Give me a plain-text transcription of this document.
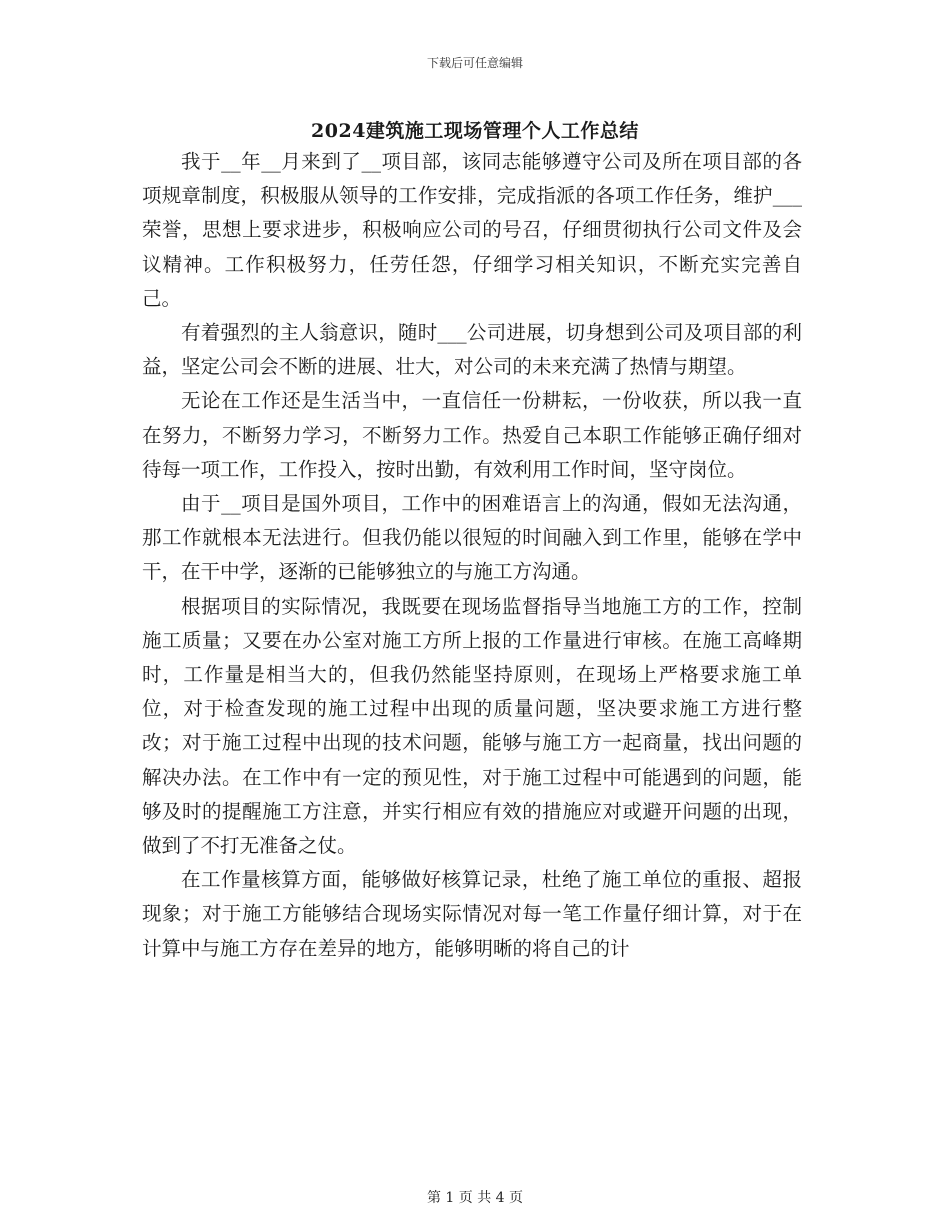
下载后可任意编辑
2024建筑施工现场管理个人工作总结

我于__年__月来到了__项目部，该同志能够遵守公司及所在项目部的各项规章制度，积极服从领导的工作安排，完成指派的各项工作任务，维护___荣誉，思想上要求进步，积极响应公司的号召，仔细贯彻执行公司文件及会议精神。工作积极努力，任劳任怨，仔细学习相关知识，不断充实完善自己。

有着强烈的主人翁意识，随时___公司进展，切身想到公司及项目部的利益，坚定公司会不断的进展、壮大，对公司的未来充满了热情与期望。

无论在工作还是生活当中，一直信任一份耕耘，一份收获，所以我一直在努力，不断努力学习，不断努力工作。热爱自己本职工作能够正确仔细对待每一项工作，工作投入，按时出勤，有效利用工作时间，坚守岗位。

由于__项目是国外项目，工作中的困难语言上的沟通，假如无法沟通，那工作就根本无法进行。但我仍能以很短的时间融入到工作里，能够在学中干，在干中学，逐渐的已能够独立的与施工方沟通。

根据项目的实际情况，我既要在现场监督指导当地施工方的工作，控制施工质量；又要在办公室对施工方所上报的工作量进行审核。在施工高峰期时，工作量是相当大的，但我仍然能坚持原则，在现场上严格要求施工单位，对于检查发现的施工过程中出现的质量问题，坚决要求施工方进行整改；对于施工过程中出现的技术问题，能够与施工方一起商量，找出问题的解决办法。在工作中有一定的预见性，对于施工过程中可能遇到的问题，能够及时的提醒施工方注意，并实行相应有效的措施应对或避开问题的出现，做到了不打无准备之仗。

在工作量核算方面，能够做好核算记录，杜绝了施工单位的重报、超报现象；对于施工方能够结合现场实际情况对每一笔工作量仔细计算，对于在计算中与施工方存在差异的地方，能够明晰的将自己的计

第 1 页 共 4 页
